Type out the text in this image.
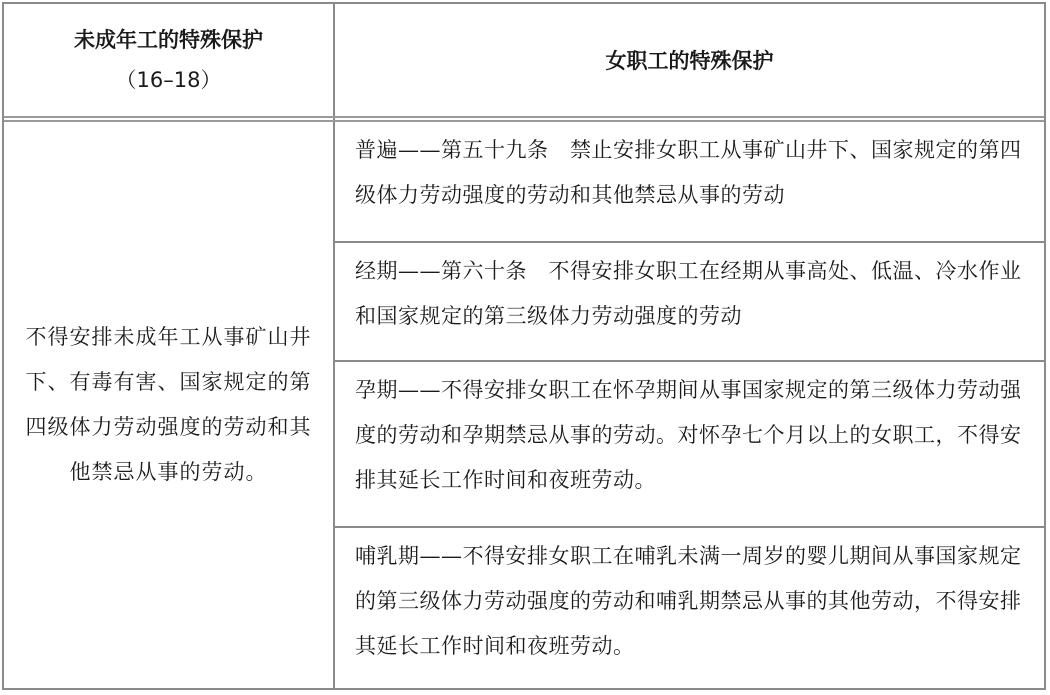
未成年工的特殊保护
（16–18）
女职工的特殊保护
不得安排未成年工从事矿山井下、有毒有害、国家规定的第四级体力劳动强度的劳动和其他禁忌从事的劳动。
普遍——第五十九条　禁止安排女职工从事矿山井下、国家规定的第四级体力劳动强度的劳动和其他禁忌从事的劳动
经期——第六十条　不得安排女职工在经期从事高处、低温、冷水作业和国家规定的第三级体力劳动强度的劳动
孕期——不得安排女职工在怀孕期间从事国家规定的第三级体力劳动强度的劳动和孕期禁忌从事的劳动。对怀孕七个月以上的女职工，不得安排其延长工作时间和夜班劳动。
哺乳期——不得安排女职工在哺乳未满一周岁的婴儿期间从事国家规定的第三级体力劳动强度的劳动和哺乳期禁忌从事的其他劳动，不得安排其延长工作时间和夜班劳动。
